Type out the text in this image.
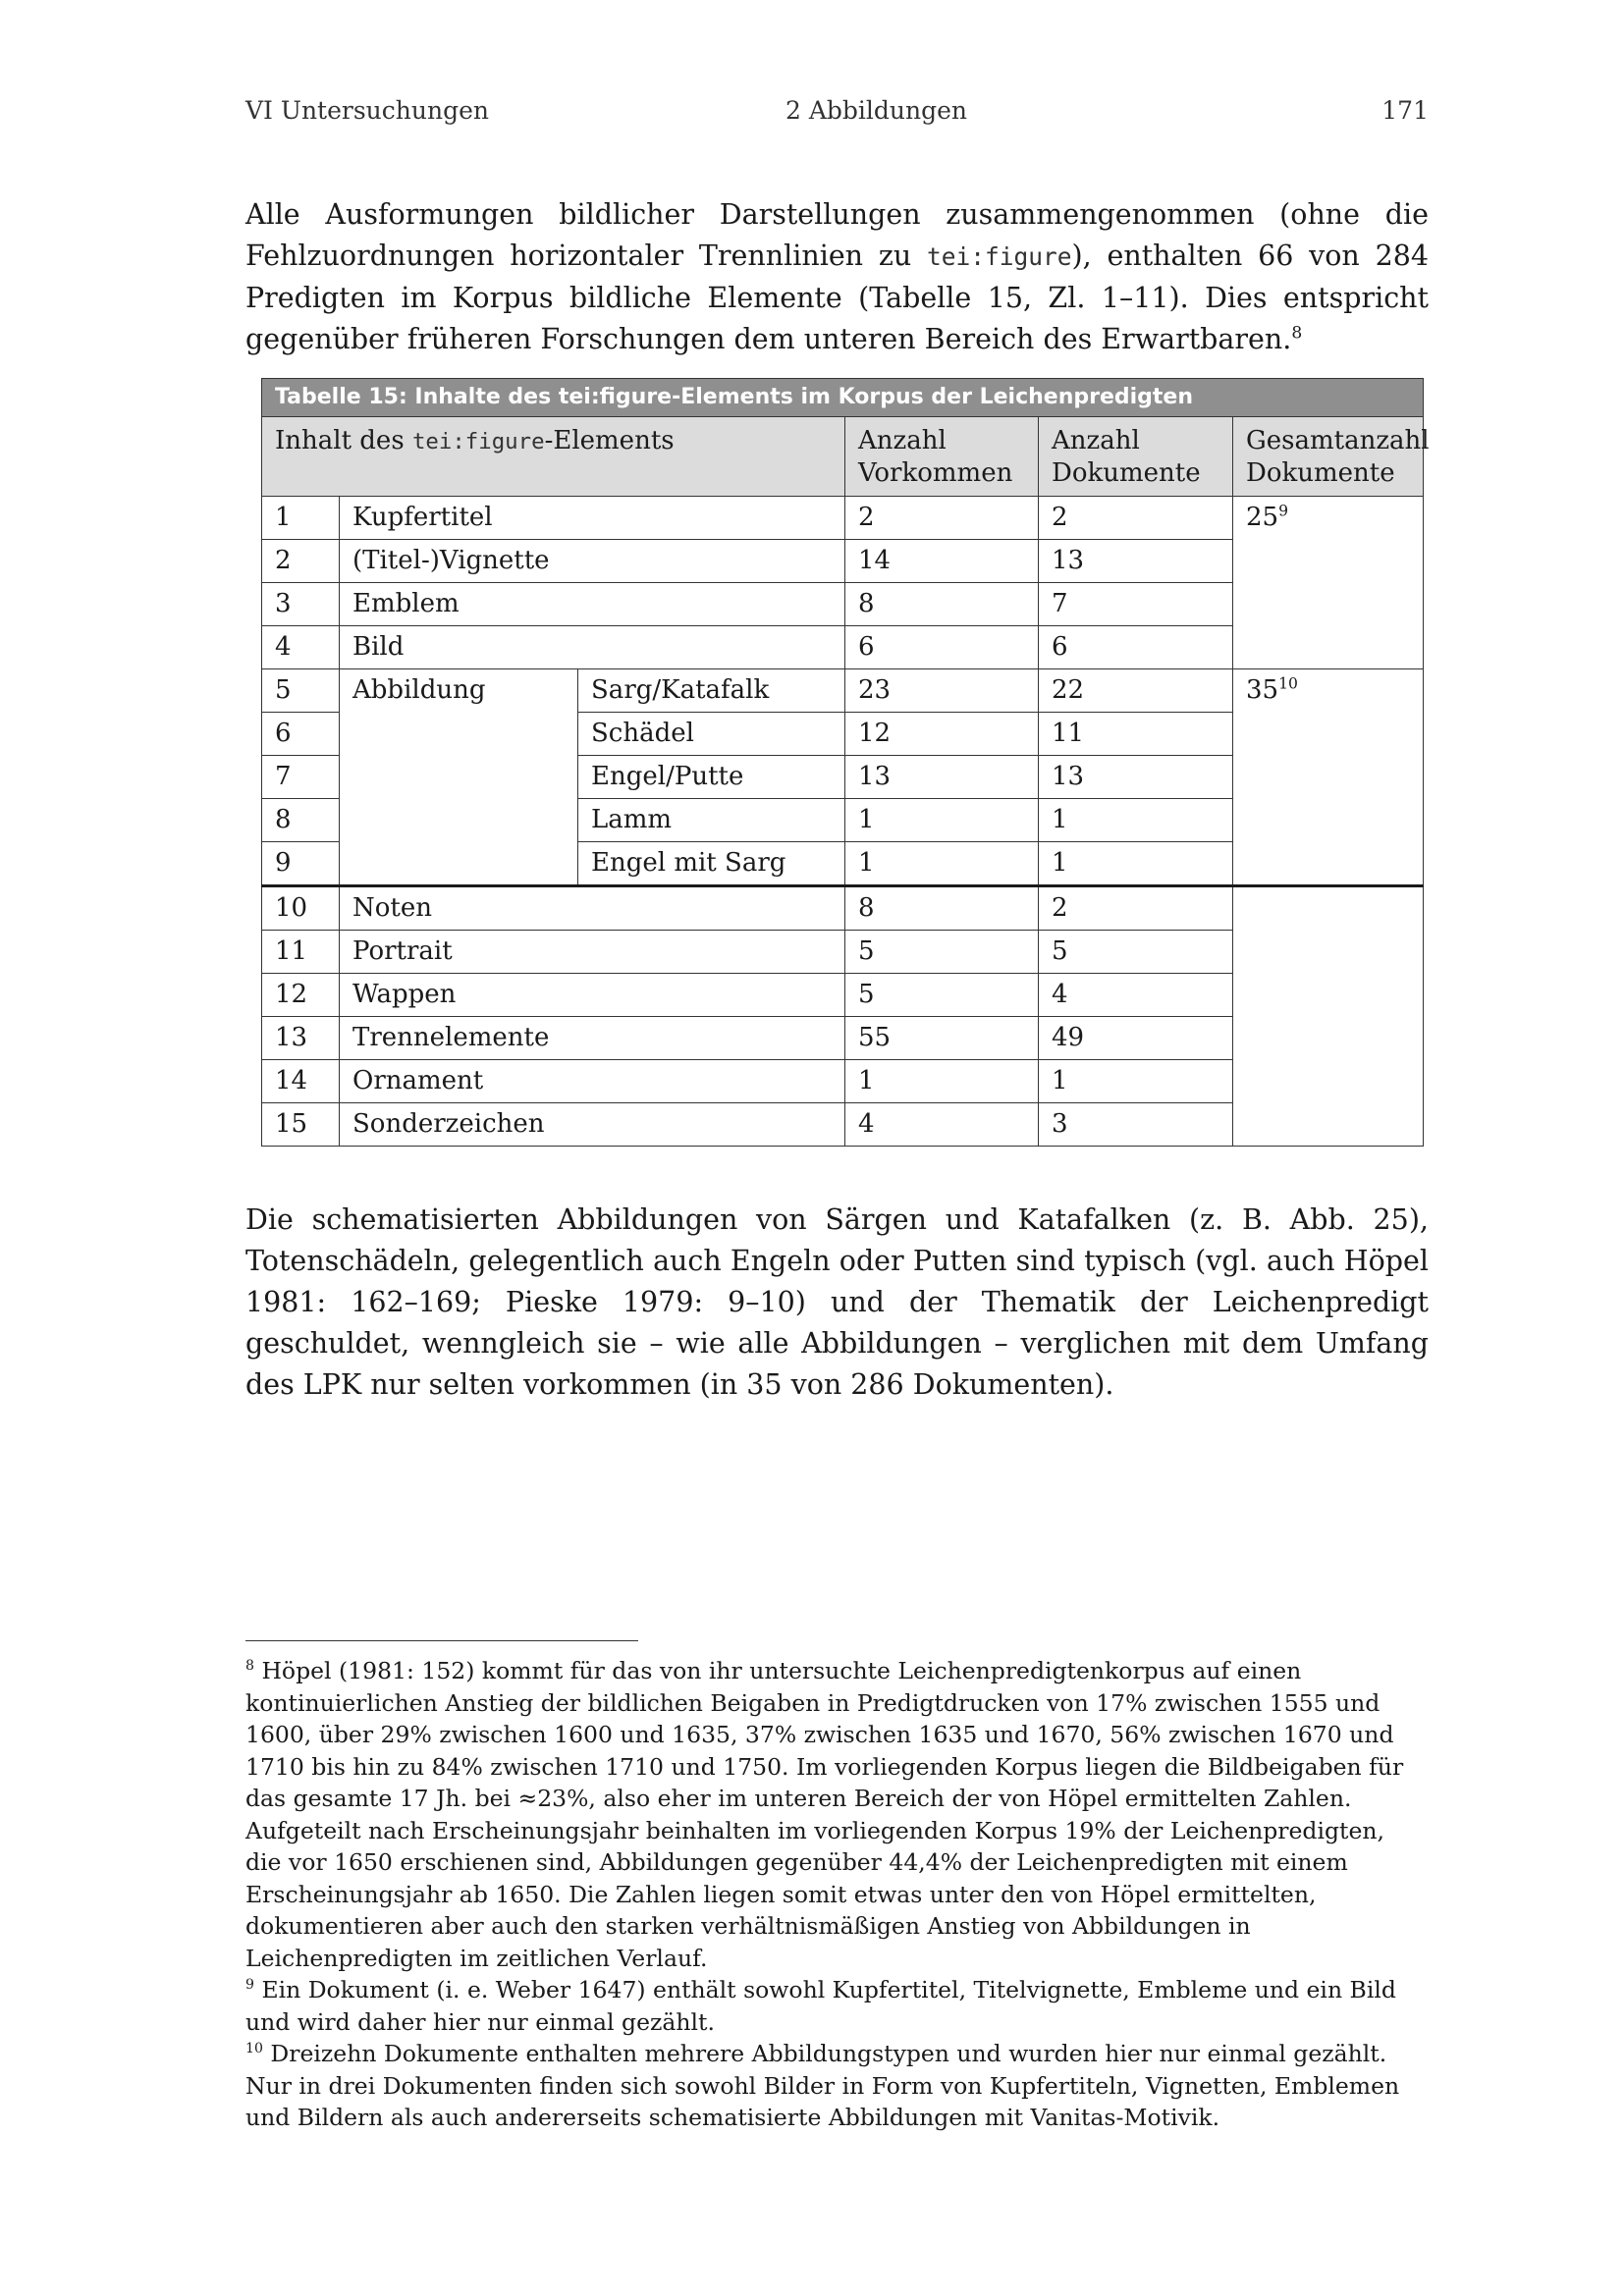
VI Untersuchungen	2 Abbildungen	171

Alle Ausformungen bildlicher Darstellungen zusammengenommen (ohne die Fehlzuordnungen horizontaler Trennlinien zu tei:figure), enthalten 66 von 284 Predigten im Korpus bildliche Elemente (Tabelle 15, Zl. 1–11). Dies entspricht gegenüber früheren Forschungen dem unteren Bereich des Erwartbaren.$^8$

Tabelle 15: Inhalte des tei:figure-Elements im Korpus der Leichenpredigten					
Inhalt des tei:figure-Elements			Anzahl Vorkommen	Anzahl Dokumente	Gesamtanzahl Dokumente
1	Kupfertitel		2	2	$25^9$
2	(Titel-)Vignette		14	13	
3	Emblem		8	7	
4	Bild		6	6	
5	Abbildung	Sarg/Katafalk	23	22	$35^{10}$
6		Schädel	12	11	
7		Engel/Putte	13	13	
8		Lamm	1	1	
9		Engel mit Sarg	1	1	
10	Noten		8	2	
11	Portrait		5	5	
12	Wappen		5	4	
13	Trennelemente		55	49	
14	Ornament		1	1	
15	Sonderzeichen		4	3	

Die schematisierten Abbildungen von Särgen und Katafalken (z. B. Abb. 25), Totenschädeln, gelegentlich auch Engeln oder Putten sind typisch (vgl. auch Höpel 1981: 162–169; Pieske 1979: 9–10) und der Thematik der Leichenpredigt geschuldet, wenngleich sie – wie alle Abbildungen – verglichen mit dem Umfang des LPK nur selten vorkommen (in 35 von 286 Dokumenten).

$^8$ Höpel (1981: 152) kommt für das von ihr untersuchte Leichenpredigtenkorpus auf einen kontinuierlichen Anstieg der bildlichen Beigaben in Predigtdrucken von 17% zwischen 1555 und 1600, über 29% zwischen 1600 und 1635, 37% zwischen 1635 und 1670, 56% zwischen 1670 und 1710 bis hin zu 84% zwischen 1710 und 1750. Im vorliegenden Korpus liegen die Bildbeigaben für das gesamte 17 Jh. bei ≈23%, also eher im unteren Bereich der von Höpel ermittelten Zahlen. Aufgeteilt nach Erscheinungsjahr beinhalten im vorliegenden Korpus 19% der Leichenpredigten, die vor 1650 erschienen sind, Abbildungen gegenüber 44,4% der Leichenpredigten mit einem Erscheinungsjahr ab 1650. Die Zahlen liegen somit etwas unter den von Höpel ermittelten, dokumentieren aber auch den starken verhältnismäßigen Anstieg von Abbildungen in Leichenpredigten im zeitlichen Verlauf.

$^9$ Ein Dokument (i. e. Weber 1647) enthält sowohl Kupfertitel, Titelvignette, Embleme und ein Bild und wird daher hier nur einmal gezählt.

$^{10}$ Dreizehn Dokumente enthalten mehrere Abbildungstypen und wurden hier nur einmal gezählt. Nur in drei Dokumenten finden sich sowohl Bilder in Form von Kupfertiteln, Vignetten, Emblemen und Bildern als auch andererseits schematisierte Abbildungen mit Vanitas-Motivik.
